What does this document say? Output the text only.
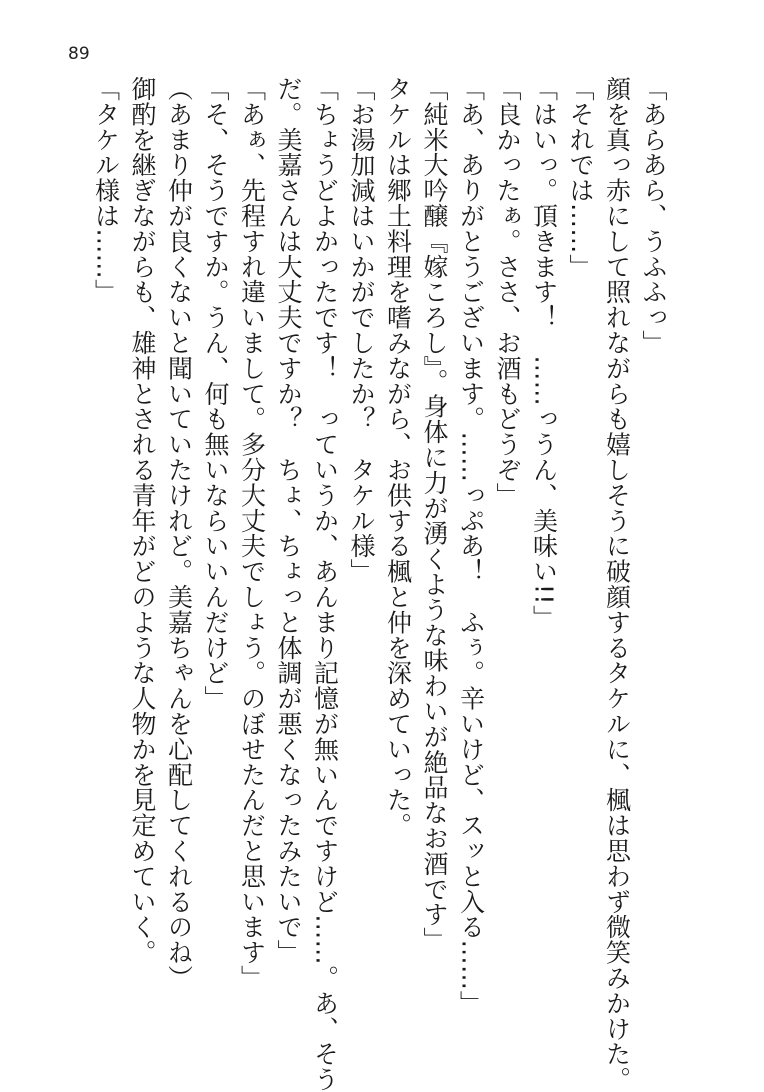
89
「あらあら、うふふっ」
顔を真っ赤にして照れながらも嬉しそうに破顔するタケルに、楓は思わず微笑みかけた。
「それでは……」
「はいっ。頂きます！　……っうん、美味い!!」
「良かったぁ。ささ、お酒もどうぞ」
「あ、ありがとうございます。……っぷあ！　ふぅ。辛いけど、スッと入る……」
「純米大吟醸『嫁ころし』。身体に力が湧くような味わいが絶品なお酒です」
タケルは郷土料理を嗜みながら、お供する楓と仲を深めていった。
「お湯加減はいかがでしたか？　タケル様」
「ちょうどよかったです！　っていうか、あんまり記憶が無いんですけど……。あ、そう
だ。美嘉さんは大丈夫ですか？　ちょ、ちょっと体調が悪くなったみたいで」
「あぁ、先程すれ違いまして。多分大丈夫でしょう。のぼせたんだと思います」
「そ、そうですか。うん、何も無いならいいんだけど」
（あまり仲が良くないと聞いていたけれど。美嘉ちゃんを心配してくれるのね）
御酌を継ぎながらも、雄神とされる青年がどのような人物かを見定めていく。
「タケル様は……」
